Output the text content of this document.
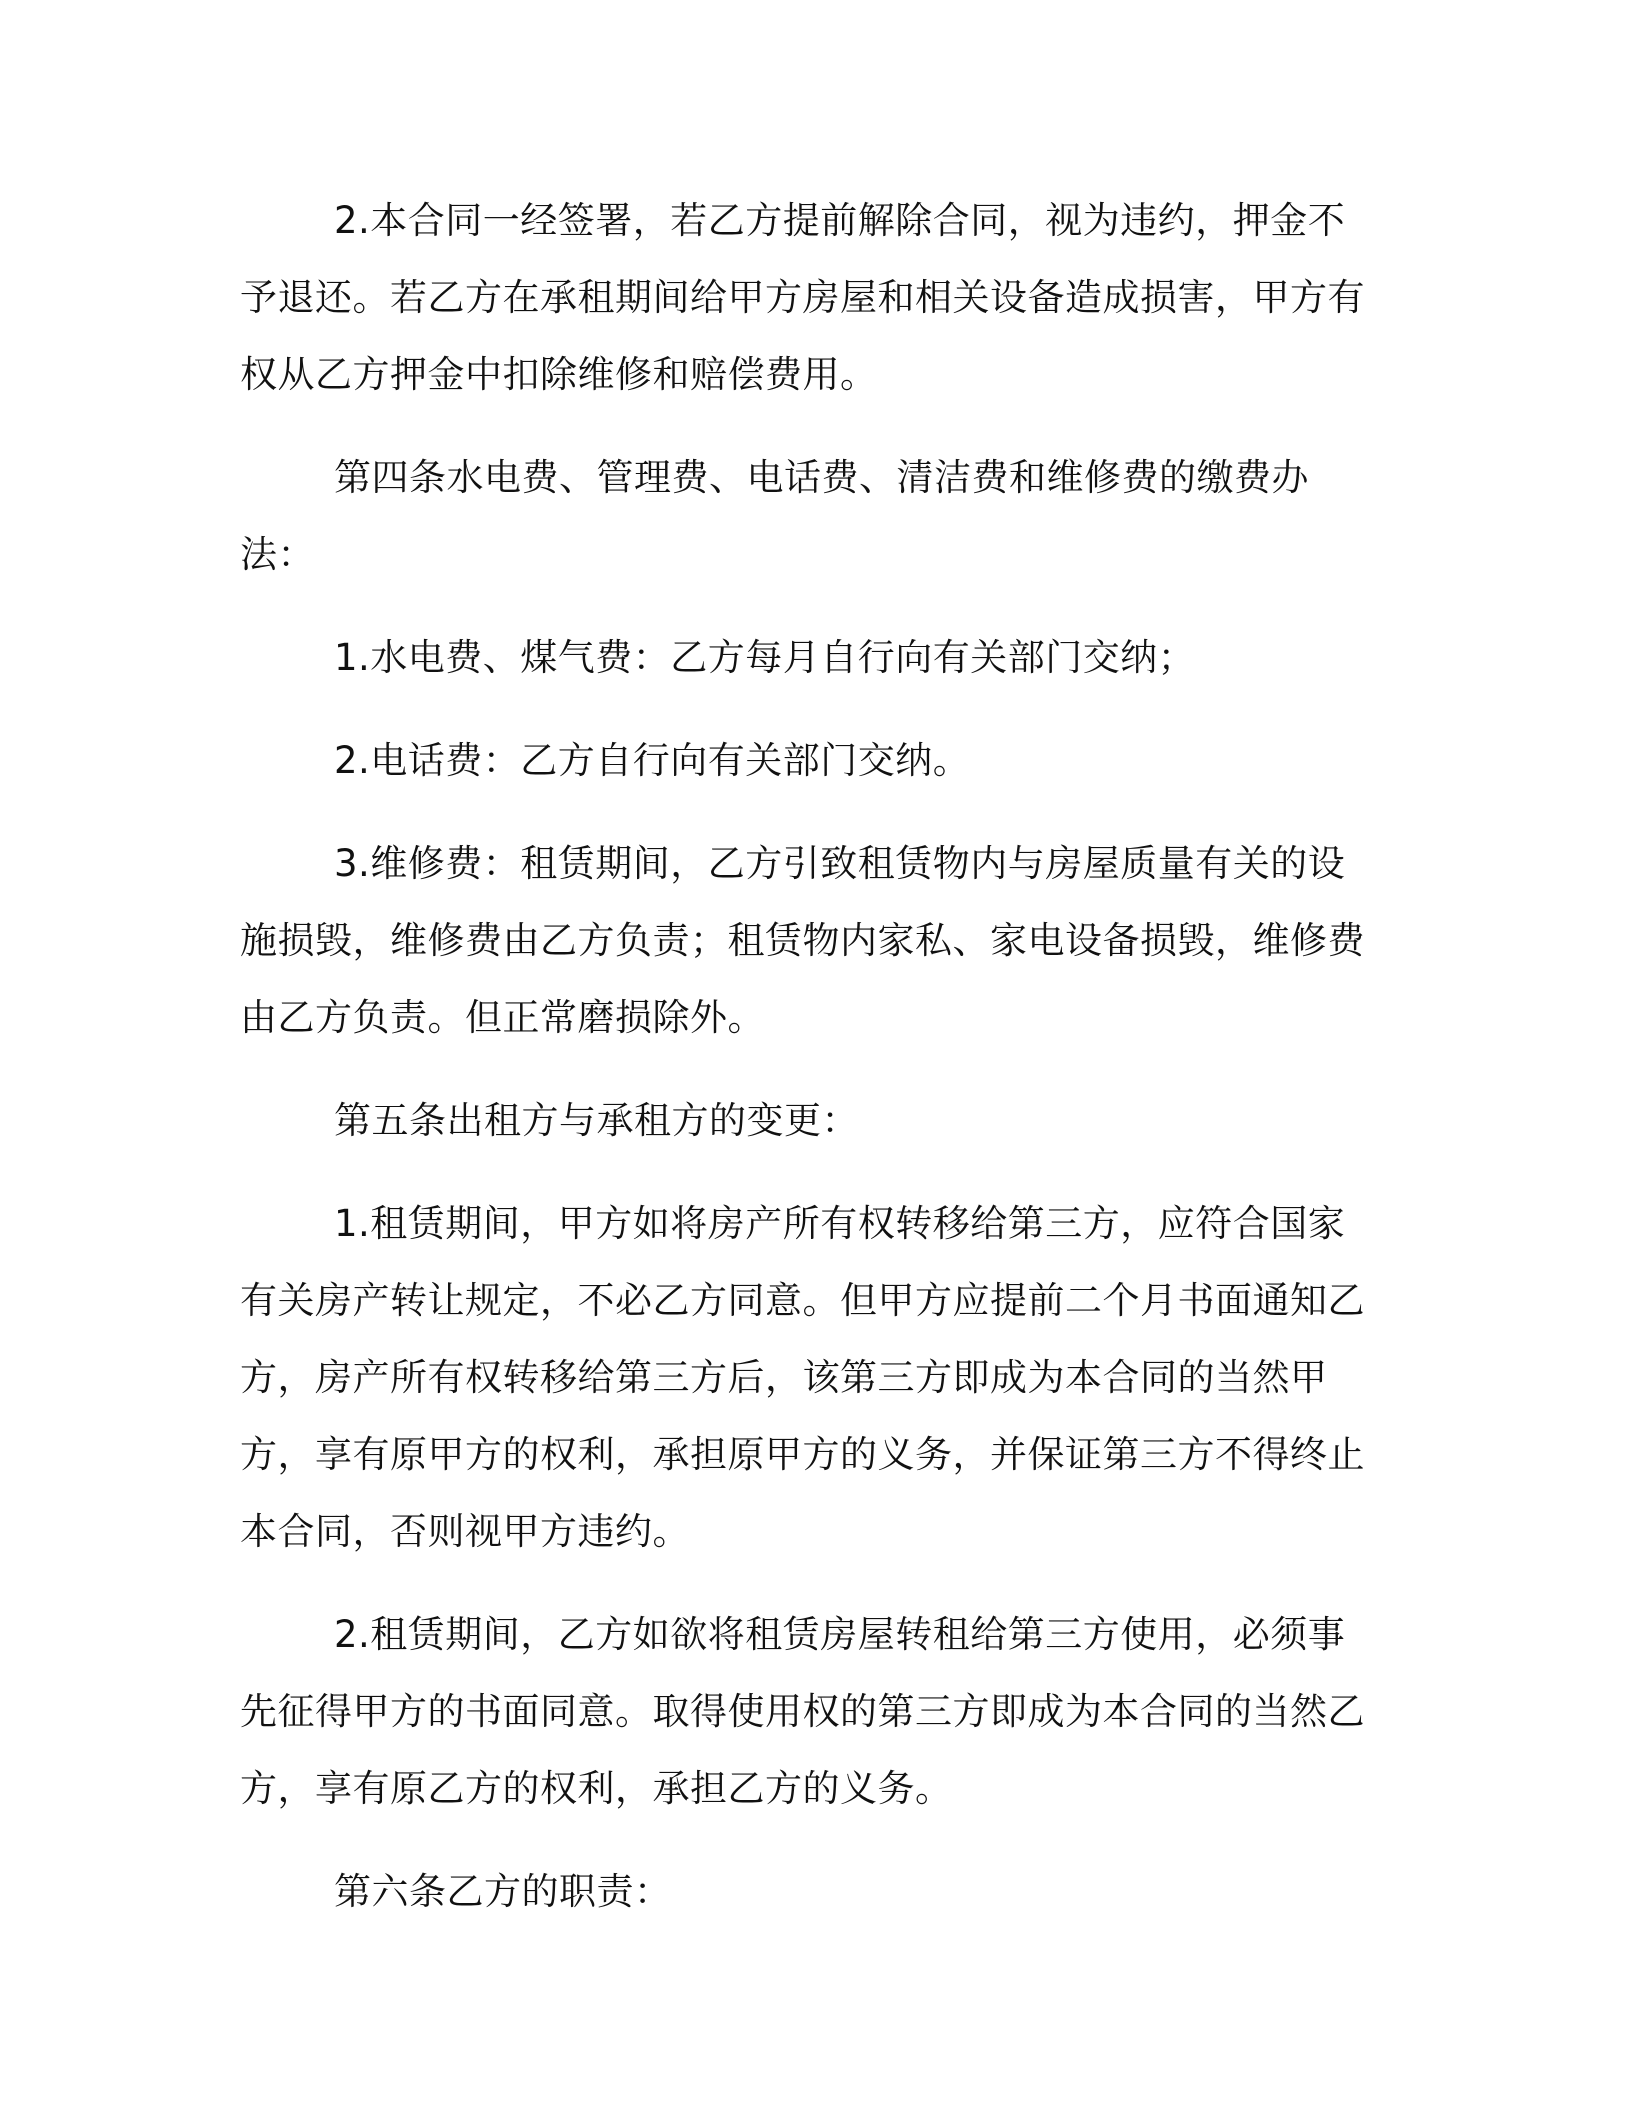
2.本合同一经签署，若乙方提前解除合同，视为违约，押金不予退还。若乙方在承租期间给甲方房屋和相关设备造成损害，甲方有权从乙方押金中扣除维修和赔偿费用。

第四条水电费、管理费、电话费、清洁费和维修费的缴费办法：

1.水电费、煤气费：乙方每月自行向有关部门交纳；

2.电话费：乙方自行向有关部门交纳。

3.维修费：租赁期间，乙方引致租赁物内与房屋质量有关的设施损毁，维修费由乙方负责；租赁物内家私、家电设备损毁，维修费由乙方负责。但正常磨损除外。

第五条出租方与承租方的变更：

1.租赁期间，甲方如将房产所有权转移给第三方，应符合国家有关房产转让规定，不必乙方同意。但甲方应提前二个月书面通知乙方，房产所有权转移给第三方后，该第三方即成为本合同的当然甲方，享有原甲方的权利，承担原甲方的义务，并保证第三方不得终止本合同，否则视甲方违约。

2.租赁期间，乙方如欲将租赁房屋转租给第三方使用，必须事先征得甲方的书面同意。取得使用权的第三方即成为本合同的当然乙方，享有原乙方的权利，承担乙方的义务。

第六条乙方的职责：
